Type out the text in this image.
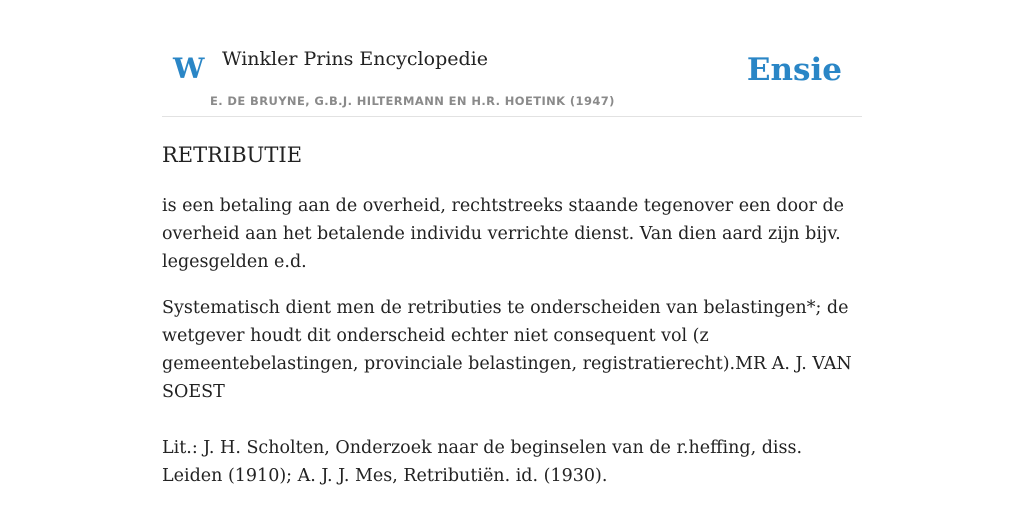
W Winkler Prins Encyclopedie
E. DE BRUYNE, G.B.J. HILTERMANN EN H.R. HOETINK (1947)
Ensie
RETRIBUTIE

is een betaling aan de overheid, rechtstreeks staande tegenover een door de overheid aan het betalende individu verrichte dienst. Van dien aard zijn bijv. legesgelden e.d.

Systematisch dient men de retributies te onderscheiden van belastingen*; de wetgever houdt dit onderscheid echter niet consequent vol (z gemeentebelastingen, provinciale belastingen, registratierecht).MR A. J. VAN SOEST

Lit.: J. H. Scholten, Onderzoek naar de beginselen van de r.heffing, diss. Leiden (1910); A. J. J. Mes, Retributiën. id. (1930).
